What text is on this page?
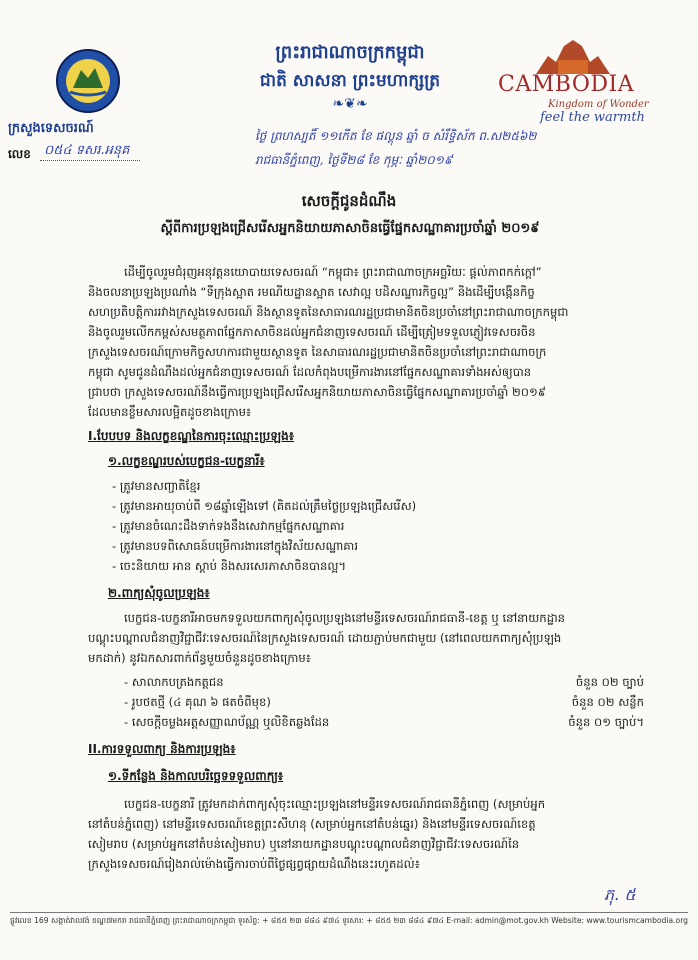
ក្រសួងទេសចរណ៍
លេខ ០៥៤ ទសរ.អនុគ
ព្រះរាជាណាចក្រកម្ពុជា
ជាតិ សាសនា ព្រះមហាក្សត្រ
❧❦❧
CAMBODIA
Kingdom of Wonder
feel the warmth
ថ្ងៃ ព្រហស្បតិ៍ ១១កើត ខែ ផល្គុន ឆ្នាំ ច សំរឹទ្ធិស័ក ព.ស២៥៦២
រាជធានីភ្នំពេញ, ថ្ងៃទី២៨ ខែ កុម្ភៈ ឆ្នាំ២០១៩
សេចក្តីជូនដំណឹង
ស្តីពីការប្រឡងជ្រើសរើសអ្នកនិយាយភាសាចិនធ្វើផ្នែកសណ្ឋាគារប្រចាំឆ្នាំ ២០១៩
ដើម្បីចូលរួមជំរុញអនុវត្តនយោបាយទេសចរណ៍ “កម្ពុជា៖ ព្រះរាជាណាចក្រអច្ឆរិយៈ ផ្តល់ភាពកក់ក្តៅ”
និងចលនាប្រឡងប្រណាំង “ទីក្រុងស្អាត រមណីយដ្ឋានស្អាត សេវាល្អ បដិសណ្ឋារកិច្ចល្អ” និងដើម្បីបង្កើនកិច្ច
សហប្រតិបត្តិការរវាងក្រសួងទេសចរណ៍ និងស្ថានទូតនៃសាធារណរដ្ឋប្រជាមានិតចិនប្រចាំនៅព្រះរាជាណាចក្រកម្ពុជា
និងចូលរួមលើកកម្ពស់សមត្ថភាពផ្នែកភាសាចិនដល់អ្នកជំនាញទេសចរណ៍ ដើម្បីត្រៀមទទួលភ្ញៀវទេសចរចិន
ក្រសួងទេសចរណ៍ក្រោមកិច្ចសហការជាមួយស្ថានទូត នៃសាធារណរដ្ឋប្រជាមានិតចិនប្រចាំនៅព្រះរាជាណាចក្រ
កម្ពុជា សូមជូនដំណឹងដល់អ្នកជំនាញទេសចរណ៍ ដែលកំពុងបម្រើការងារនៅផ្នែកសណ្ឋាគារទាំងអស់ឲ្យបាន
ជ្រាបថា ក្រសួងទេសចរណ៍នឹងធ្វើការប្រឡងជ្រើសរើសអ្នកនិយាយភាសាចិនធ្វើផ្នែកសណ្ឋាគារប្រចាំឆ្នាំ ២០១៩
ដែលមានខ្លឹមសារលម្អិតដូចខាងក្រោម៖
I.បែបបទ និងលក្ខខណ្ឌនៃការចុះឈ្មោះប្រឡង៖
១.លក្ខខណ្ឌរបស់បេក្ខជន-បេក្ខនារី៖
- ត្រូវមានសញ្ជាតិខ្មែរ
- ត្រូវមានអាយុចាប់ពី ១៨ឆ្នាំឡើងទៅ (គិតដល់ត្រឹមថ្ងៃប្រឡងជ្រើសរើស)
- ត្រូវមានចំណេះដឹងទាក់ទងនឹងសេវាកម្មផ្នែកសណ្ឋាគារ
- ត្រូវមានបទពិសោធន៍បម្រើការងារនៅក្នុងវិស័យសណ្ឋាគារ
- ចេះនិយាយ អាន ស្តាប់ និងសរសេរភាសាចិនបានល្អ។
២.ពាក្យសុំចូលប្រឡង៖
បេក្ខជន-បេក្ខនារីអាចមកទទួលយកពាក្យសុំចូលប្រឡងនៅមន្ទីរទេសចរណ៍រាជធានី-ខេត្ត ឬ នៅនាយកដ្ឋាន
បណ្តុះបណ្តាលជំនាញវិជ្ជាជីវៈទេសចរណ៍នៃក្រសួងទេសចរណ៍ ដោយភ្ជាប់មកជាមួយ (នៅពេលយកពាក្យសុំប្រឡង
មកដាក់) នូវឯកសារពាក់ព័ន្ធមួយចំនួនដូចខាងក្រោម៖
- សាលាកបត្រងកត្តជន	ចំនួន ០២ ច្បាប់
- រូបថតថ្មី (៤ គុណ ៦ ផតចំពីមុខ)	ចំនួន ០២ សន្លឹក
- សេចក្តីចម្លងអត្តសញ្ញាណប័ណ្ណ ឬលិខិតឆ្លងដែន	ចំនួន ០១ ច្បាប់។
II.ការទទួលពាក្យ និងការប្រឡង៖
១.ទីកន្លែង និងកាលបរិច្ឆេទទទួលពាក្យ៖
បេក្ខជន-បេក្ខនារី ត្រូវមកដាក់ពាក្យសុំចុះឈ្មោះប្រឡងនៅមន្ទីរទេសចរណ៍រាជធានីភ្នំពេញ (សម្រាប់អ្នក
នៅតំបន់ភ្នំពេញ) នៅមន្ទីរទេសចរណ៍ខេត្តព្រះសីហនុ (សម្រាប់អ្នកនៅតំបន់ឆ្នេរ) និងនៅមន្ទីរទេសចរណ៍ខេត្ត
សៀមរាប (សម្រាប់អ្នកនៅតំបន់សៀមរាប) ឬនៅនាយកដ្ឋានបណ្តុះបណ្តាលជំនាញវិជ្ជាជីវៈទេសចរណ៍នៃ
ក្រសួងទេសចរណ៍រៀងរាល់ម៉ោងធ្វើការចាប់ពីថ្ងៃផ្សព្វផ្សាយដំណឹងនេះរហូតដល់៖
ភុ. ៥
ផ្លូវលេខ 169 សង្កាត់វាលវង់ ខណ្ឌ៧មករា រាជធានីភ្នំពេញ ព្រះរាជាណាចក្រកម្ពុជា ទូរស័ព្ទ: + ៨៥៥ ២៣ ៨៨៤ ៩៧៤ ទូរសារ: + ៨៥៥ ២៣ ៨៨៤ ៩៧៤ E-mail: admin@mot.gov.kh Website: www.tourismcambodia.org
